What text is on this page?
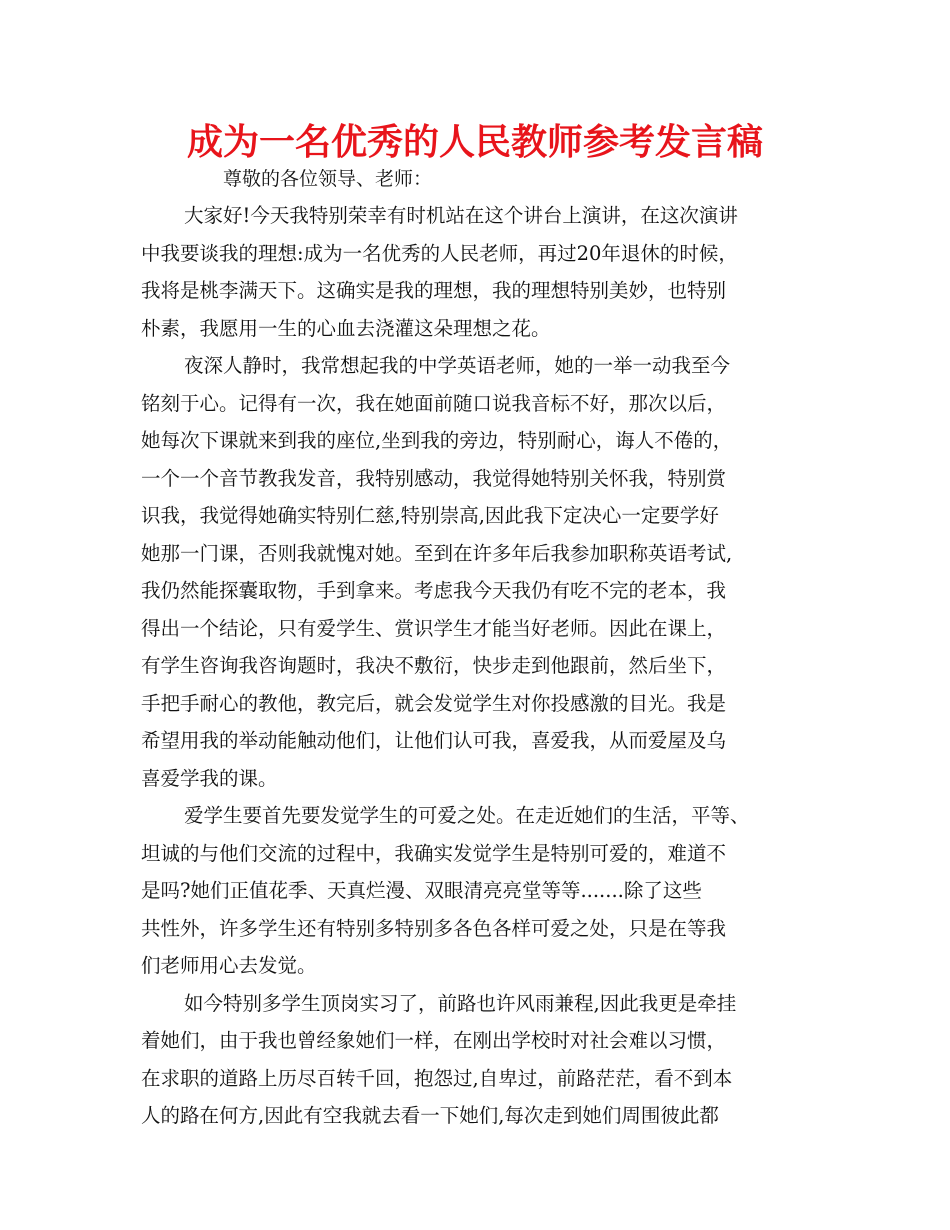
成为一名优秀的人民教师参考发言稿

尊敬的各位领导、老师：

大家好!今天我特别荣幸有时机站在这个讲台上演讲，在这次演讲
中我要谈我的理想:成为一名优秀的人民老师，再过20年退休的时候，
我将是桃李满天下。这确实是我的理想，我的理想特别美妙，也特别
朴素，我愿用一生的心血去浇灌这朵理想之花。
夜深人静时，我常想起我的中学英语老师，她的一举一动我至今
铭刻于心。记得有一次，我在她面前随口说我音标不好，那次以后，
她每次下课就来到我的座位,坐到我的旁边，特别耐心，诲人不倦的，
一个一个音节教我发音，我特别感动，我觉得她特别关怀我，特别赏
识我，我觉得她确实特别仁慈,特别崇高,因此我下定决心一定要学好
她那一门课，否则我就愧对她。至到在许多年后我参加职称英语考试,
我仍然能探囊取物，手到拿来。考虑我今天我仍有吃不完的老本，我
得出一个结论，只有爱学生、赏识学生才能当好老师。因此在课上，
有学生咨询我咨询题时，我决不敷衍，快步走到他跟前，然后坐下，
手把手耐心的教他，教完后，就会发觉学生对你投感激的目光。我是
希望用我的举动能触动他们，让他们认可我，喜爱我，从而爱屋及乌
喜爱学我的课。
爱学生要首先要发觉学生的可爱之处。在走近她们的生活，平等、
坦诚的与他们交流的过程中，我确实发觉学生是特别可爱的，难道不
是吗?她们正值花季、天真烂漫、双眼清亮亮堂等等.......除了这些
共性外，许多学生还有特别多特别多各色各样可爱之处，只是在等我
们老师用心去发觉。
如今特别多学生顶岗实习了，前路也许风雨兼程,因此我更是牵挂
着她们，由于我也曾经象她们一样，在刚出学校时对社会难以习惯，
在求职的道路上历尽百转千回，抱怨过,自卑过，前路茫茫，看不到本
人的路在何方,因此有空我就去看一下她们,每次走到她们周围彼此都
